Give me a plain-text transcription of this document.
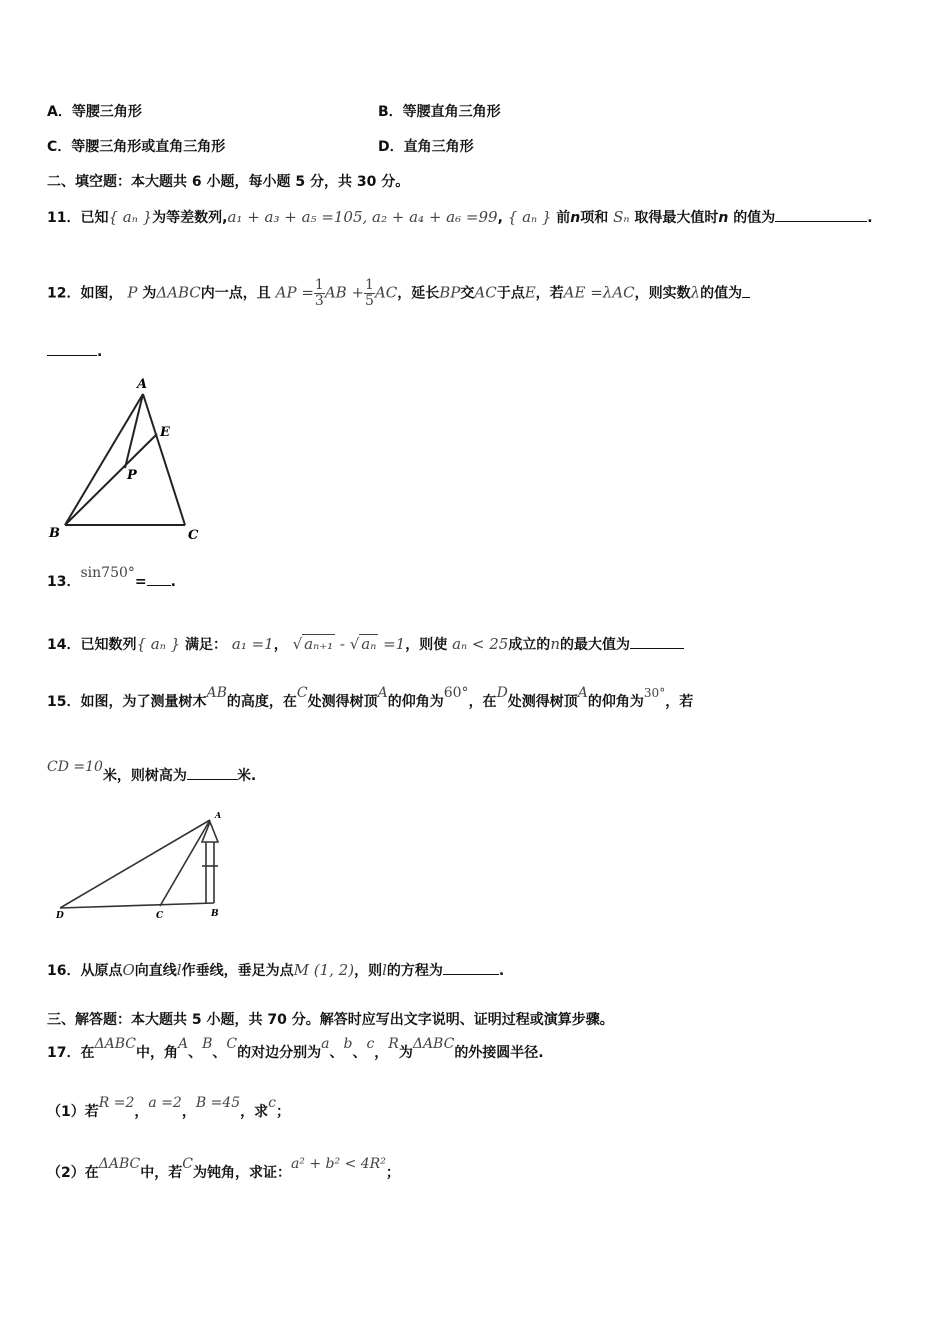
A．等腰三角形	B．等腰直角三角形
C．等腰三角形或直角三角形	D．直角三角形
二、填空题：本大题共 6 小题，每小题 5 分，共 30 分。
11．已知{ aₙ }为等差数列,a₁ + a₃ + a₅ =105, a₂ + a₄ + a₆ =99, { aₙ } 前n项和 Sₙ 取得最大值时n 的值为	.
12．如图， P 为ΔABC内一点，且 AP = $\frac{1}{3}$ AB + $\frac{1}{5}$ AC，延长BP交AC于点E，若AE =λAC，则实数λ的值为
.
A
B	C
E
P
13．sin750°= .
14．已知数列{ aₙ } 满足： a₁ =1， √ aₙ₊₁ - √ aₙ =1，则使 aₙ < 25成立的n的最大值为
15．如图，为了测量树木AB的高度，在C处测得树顶A的仰角为60°，在D处测得树顶A的仰角为30°，若
CD =10米，则树高为	米.
A
B
C
D
16．从原点O向直线l作垂线，垂足为点M (1, 2)，则l的方程为	.
三、解答题：本大题共 5 小题，共 70 分。解答时应写出文字说明、证明过程或演算步骤。
17．在ΔABC中，角A、B、C的对边分别为a、b、c，R为ΔABC的外接圆半径.
（1）若R =2，a =2，B =45，求c；
（2）在ΔABC中，若C为钝角，求证：a² + b² < 4R²；
